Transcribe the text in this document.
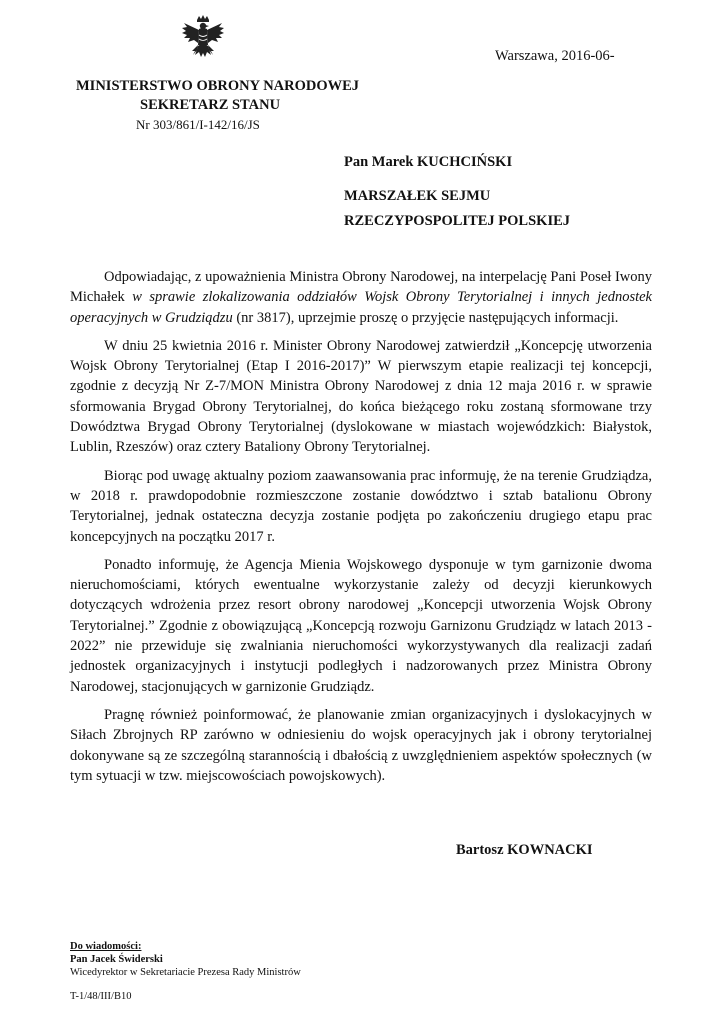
Warszawa, 2016-06-
MINISTERSTWO OBRONY NARODOWEJ
SEKRETARZ STANU
Nr 303/861/I-142/16/JS
Pan Marek KUCHCIŃSKI
MARSZAŁEK SEJMU
RZECZYPOSPOLITEJ POLSKIEJ

Odpowiadając, z upoważnienia Ministra Obrony Narodowej, na interpelację Pani Poseł Iwony Michałek w sprawie zlokalizowania oddziałów Wojsk Obrony Terytorialnej i innych jednostek operacyjnych w Grudziądzu (nr 3817), uprzejmie proszę o przyjęcie następujących informacji.

W dniu 25 kwietnia 2016 r. Minister Obrony Narodowej zatwierdził „Koncepcję utworzenia Wojsk Obrony Terytorialnej (Etap I 2016-2017)” W pierwszym etapie realizacji tej koncepcji, zgodnie z decyzją Nr Z-7/MON Ministra Obrony Narodowej z dnia 12 maja 2016 r. w sprawie sformowania Brygad Obrony Terytorialnej, do końca bieżącego roku zostaną sformowane trzy Dowództwa Brygad Obrony Terytorialnej (dyslokowane w miastach wojewódzkich: Białystok, Lublin, Rzeszów) oraz cztery Bataliony Obrony Terytorialnej.

Biorąc pod uwagę aktualny poziom zaawansowania prac informuję, że na terenie Grudziądza, w 2018 r. prawdopodobnie rozmieszczone zostanie dowództwo i sztab batalionu Obrony Terytorialnej, jednak ostateczna decyzja zostanie podjęta po zakończeniu drugiego etapu prac koncepcyjnych na początku 2017 r.

Ponadto informuję, że Agencja Mienia Wojskowego dysponuje w tym garnizonie dwoma nieruchomościami, których ewentualne wykorzystanie zależy od decyzji kierunkowych dotyczących wdrożenia przez resort obrony narodowej „Koncepcji utworzenia Wojsk Obrony Terytorialnej.” Zgodnie z obowiązującą „Koncepcją rozwoju Garnizonu Grudziądz w latach 2013 - 2022” nie przewiduje się zwalniania nieruchomości wykorzystywanych dla realizacji zadań jednostek organizacyjnych i instytucji podległych i nadzorowanych przez Ministra Obrony Narodowej, stacjonujących w garnizonie Grudziądz.

Pragnę również poinformować, że planowanie zmian organizacyjnych i dyslokacyjnych w Siłach Zbrojnych RP zarówno w odniesieniu do wojsk operacyjnych jak i obrony terytorialnej dokonywane są ze szczególną starannością i dbałością z uwzględnieniem aspektów społecznych (w tym sytuacji w tzw. miejscowościach powojskowych).

Bartosz KOWNACKI
Do wiadomości:
Pan Jacek Świderski
Wicedyrektor w Sekretariacie Prezesa Rady Ministrów
T-1/48/III/B10
